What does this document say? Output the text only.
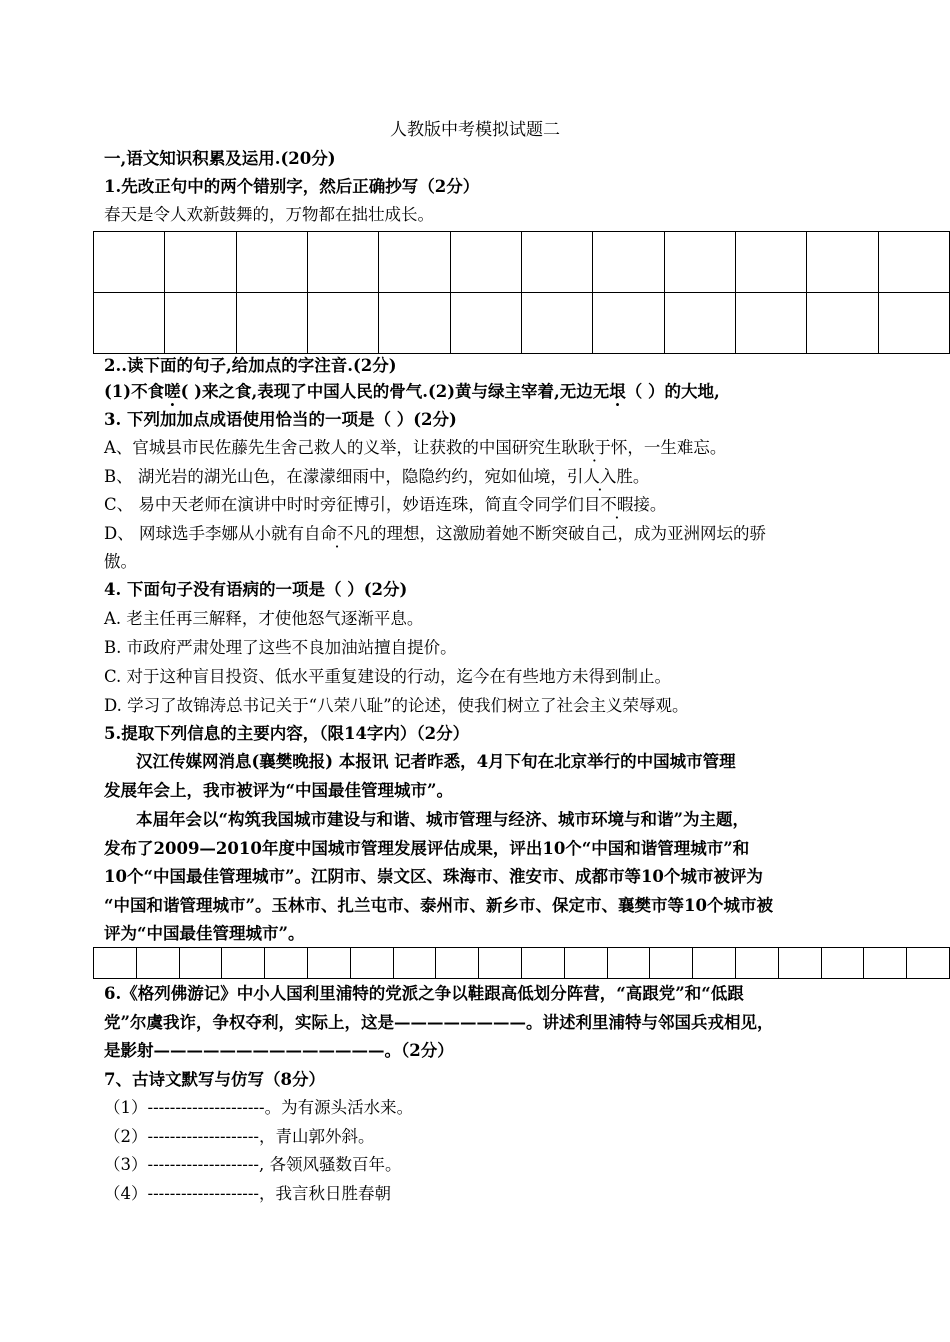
人教版中考模拟试题二
一,语文知识积累及运用.(20分)
1.先改正句中的两个错别字，然后正确抄写（2分）
春天是令人欢新鼓舞的，万物都在拙壮成长。

2..读下面的句子,给加点的字注音.(2分)
(1)不食嗟( )来之食,表现了中国人民的骨气.(2)黄与绿主宰着,无边无垠（ ）的大地,
3. 下列加加点成语使用恰当的一项是（ ）(2分)
A、官城县市民佐藤先生舍己救人的义举，让获救的中国研究生耿耿于怀，一生难忘。
B、 湖光岩的湖光山色，在濛濛细雨中，隐隐约约，宛如仙境，引人入胜。
C、 易中天老师在演讲中时时旁征博引，妙语连珠，简直令同学们目不暇接。
D、 网球选手李娜从小就有自命不凡的理想，这激励着她不断突破自己，成为亚洲网坛的骄
傲。
4. 下面句子没有语病的一项是（ ）(2分)
A. 老主任再三解释，才使他怒气逐渐平息。
B. 市政府严肃处理了这些不良加油站擅自提价。
C. 对于这种盲目投资、低水平重复建设的行动，迄今在有些地方未得到制止。
D. 学习了故锦涛总书记关于“八荣八耻”的论述，使我们树立了社会主义荣辱观。
5.提取下列信息的主要内容，（限14字内）（2分）
汉江传媒网消息(襄樊晚报) 本报讯 记者昨悉，4月下旬在北京举行的中国城市管理
发展年会上，我市被评为“中国最佳管理城市”。
本届年会以“构筑我国城市建设与和谐、城市管理与经济、城市环境与和谐”为主题，
发布了2009—2010年度中国城市管理发展评估成果，评出10个“中国和谐管理城市”和
10个“中国最佳管理城市”。江阴市、崇文区、珠海市、淮安市、成都市等10个城市被评为
“中国和谐管理城市”。玉林市、扎兰屯市、泰州市、新乡市、保定市、襄樊市等10个城市被
评为“中国最佳管理城市”。

6.《格列佛游记》中小人国利里浦特的党派之争以鞋跟高低划分阵营，“高跟党”和“低跟
党”尔虞我诈，争权夺利，实际上，这是————————。讲述利里浦特与邻国兵戎相见，
是影射——————————————。（2分）
7、古诗文默写与仿写（8分）
（1）---------------------。为有源头活水来。
（2）--------------------，青山郭外斜。
（3）--------------------, 各领风骚数百年。
（4）--------------------，我言秋日胜春朝
